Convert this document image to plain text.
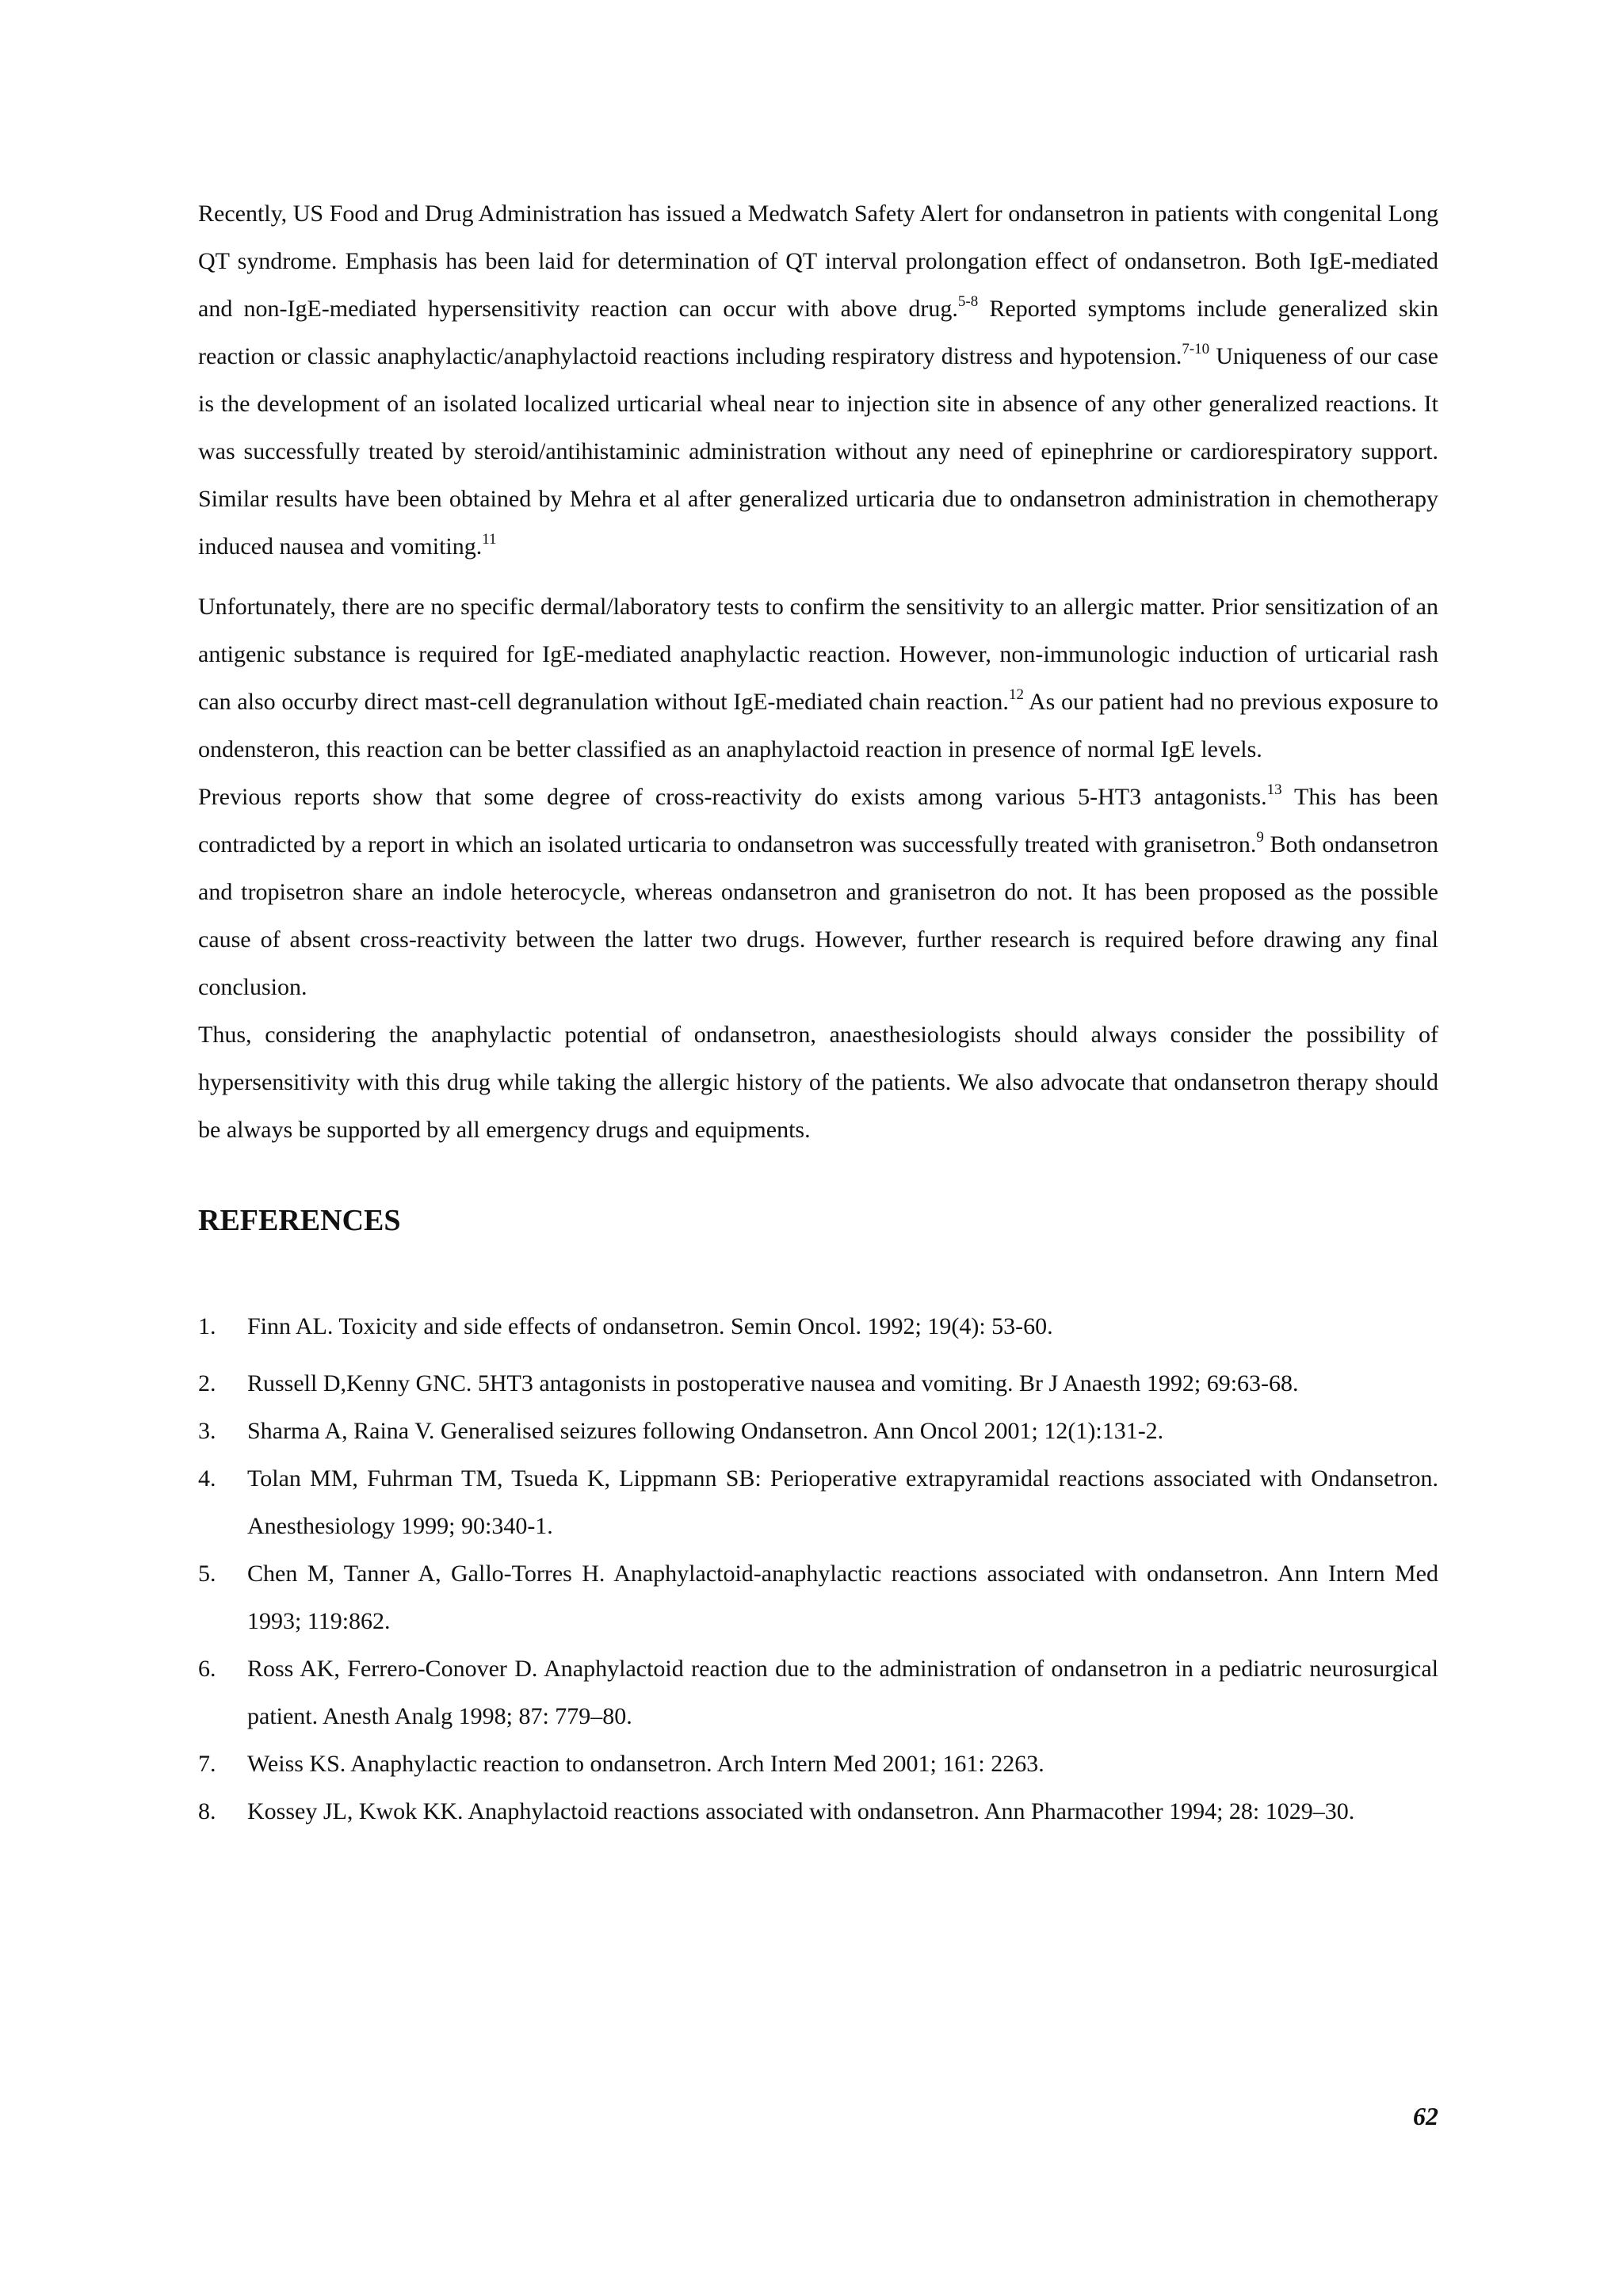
Recently, US Food and Drug Administration has issued a Medwatch Safety Alert for ondansetron in patients with congenital Long QT syndrome. Emphasis has been laid for determination of QT interval prolongation effect of ondansetron. Both IgE-mediated and non-IgE-mediated hypersensitivity reaction can occur with above drug.$^{5-8}$ Reported symptoms include generalized skin reaction or classic anaphylactic/anaphylactoid reactions including respiratory distress and hypotension.$^{7-10}$ Uniqueness of our case is the development of an isolated localized urticarial wheal near to injection site in absence of any other generalized reactions. It was successfully treated by steroid/antihistaminic administration without any need of epinephrine or cardiorespiratory support. Similar results have been obtained by Mehra et al after generalized urticaria due to ondansetron administration in chemotherapy induced nausea and vomiting.$^{11}$

Unfortunately, there are no specific dermal/laboratory tests to confirm the sensitivity to an allergic matter. Prior sensitization of an antigenic substance is required for IgE-mediated anaphylactic reaction. However, non-immunologic induction of urticarial rash can also occurby direct mast-cell degranulation without IgE-mediated chain reaction.$^{12}$ As our patient had no previous exposure to ondensteron, this reaction can be better classified as an anaphylactoid reaction in presence of normal IgE levels.

Previous reports show that some degree of cross-reactivity do exists among various 5-HT3 antagonists.$^{13}$ This has been contradicted by a report in which an isolated urticaria to ondansetron was successfully treated with granisetron.$^9$ Both ondansetron and tropisetron share an indole heterocycle, whereas ondansetron and granisetron do not. It has been proposed as the possible cause of absent cross-reactivity between the latter two drugs. However, further research is required before drawing any final conclusion.

Thus, considering the anaphylactic potential of ondansetron, anaesthesiologists should always consider the possibility of hypersensitivity with this drug while taking the allergic history of the patients. We also advocate that ondansetron therapy should be always be supported by all emergency drugs and equipments.

REFERENCES
1. Finn AL. Toxicity and side effects of ondansetron. Semin Oncol. 1992; 19(4): 53-60.
2. Russell D,Kenny GNC. 5HT3 antagonists in postoperative nausea and vomiting. Br J Anaesth 1992; 69:63-68.
3. Sharma A, Raina V. Generalised seizures following Ondansetron. Ann Oncol 2001; 12(1):131-2.
4. Tolan MM, Fuhrman TM, Tsueda K, Lippmann SB: Perioperative extrapyramidal reactions associated with Ondansetron. Anesthesiology 1999; 90:340-1.
5. Chen M, Tanner A, Gallo-Torres H. Anaphylactoid-anaphylactic reactions associated with ondansetron. Ann Intern Med 1993; 119:862.
6. Ross AK, Ferrero-Conover D. Anaphylactoid reaction due to the administration of ondansetron in a pediatric neurosurgical patient. Anesth Analg 1998; 87: 779–80.
7. Weiss KS. Anaphylactic reaction to ondansetron. Arch Intern Med 2001; 161: 2263.
8. Kossey JL, Kwok KK. Anaphylactoid reactions associated with ondansetron. Ann Pharmacother 1994; 28: 1029–30.
62
